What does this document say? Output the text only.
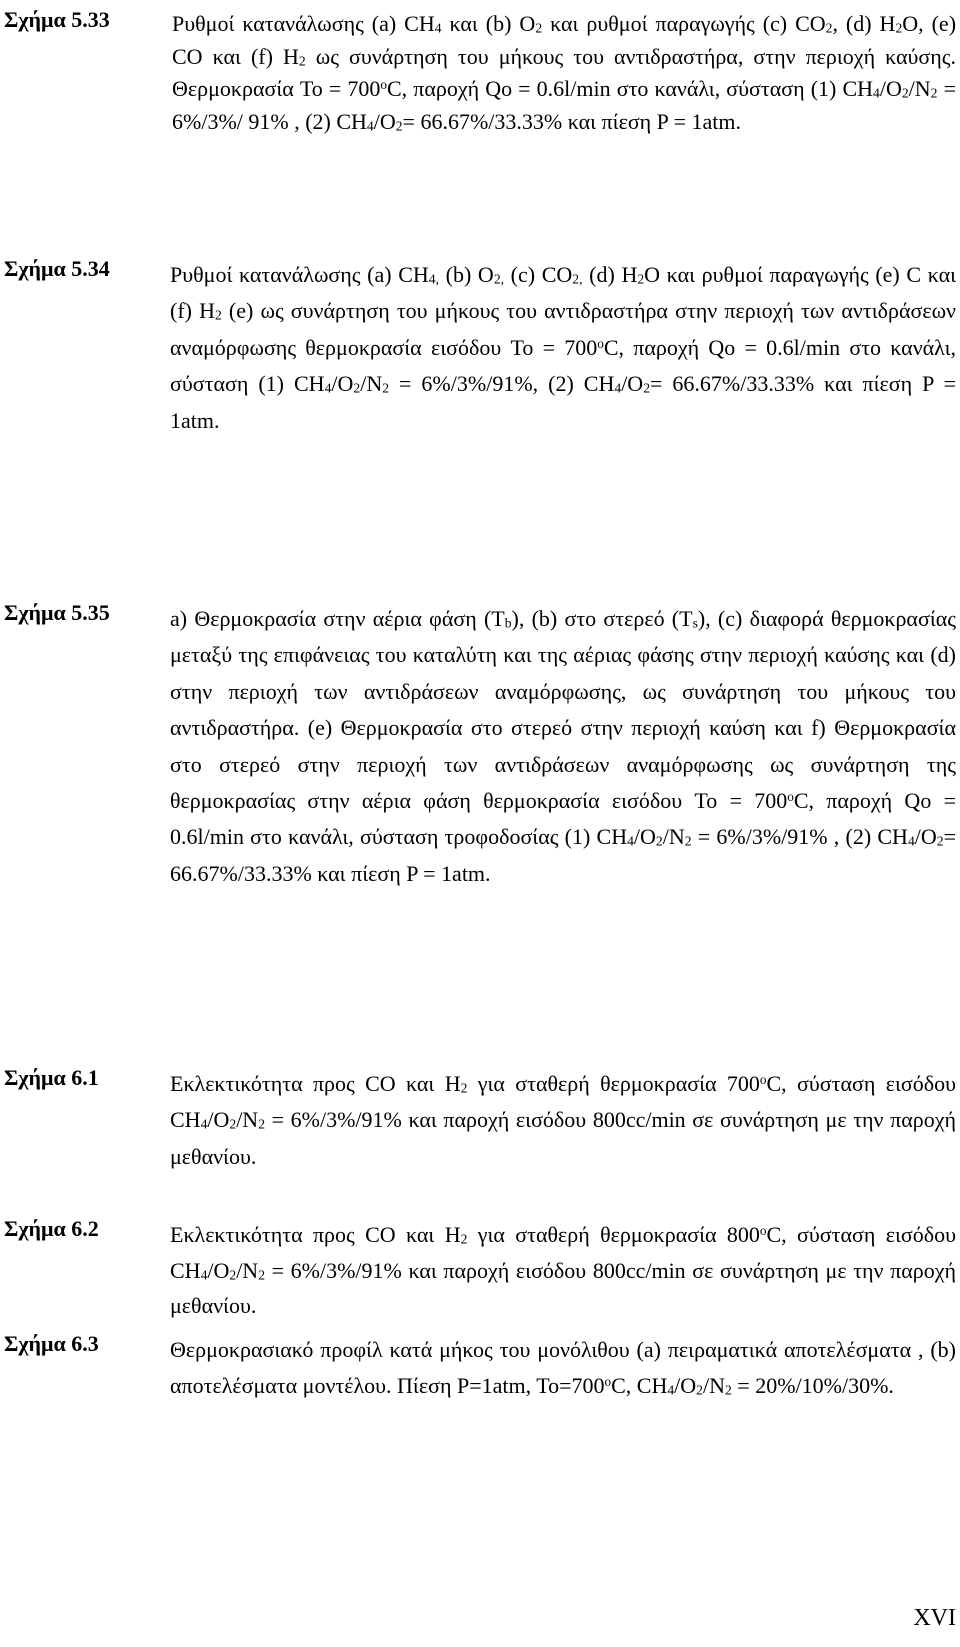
Σχήμα 5.33	Ρυθμοί κατανάλωσης (a) $CH_4$ και (b) $O_2$ και ρυθμοί παραγωγής (c) $CO_2$, (d) $H_2O$, (e) CO και (f) $H_2$ ως συνάρτηση του μήκους του αντιδραστήρα, στην περιοχή καύσης. Θερμοκρασία $To = 700^oC$, παροχή Qo = 0.6l/min στο κανάλι, σύσταση (1) $CH_4/O_2/N_2 = 6\%/3\%/$ 91% , (2) $CH_4/O_2= 66.67\%/33.33\%$ και πίεση P = 1atm.
Σχήμα 5.34	Ρυθμοί κατανάλωσης (a) $CH_{4,}$ (b) $O_{2,}$ (c) $CO_{2,}$ (d) $H_2O$ και ρυθμοί παραγωγής (e) C και (f) $H_2$ (e) ως συνάρτηση του μήκους του αντιδραστήρα στην περιοχή των αντιδράσεων αναμόρφωσης θερμοκρασία εισόδου $To = 700^oC$, παροχή Qo = 0.6l/min στο κανάλι, σύσταση (1) $CH_4/O_2/N_2 = 6\%/3\%/91\%$, (2) $CH_4/O_2= 66.67\%/33.33\%$ και πίεση P = 1atm.
Σχήμα 5.35	a) Θερμοκρασία στην αέρια φάση $(T_b)$, (b) στο στερεό $(T_s)$, (c) διαφορά θερμοκρασίας μεταξύ της επιφάνειας του καταλύτη και της αέριας φάσης στην περιοχή καύσης και (d) στην περιοχή των αντιδράσεων αναμόρφωσης, ως συνάρτηση του μήκους του αντιδραστήρα. (e) Θερμοκρασία στο στερεό στην περιοχή καύση και f) Θερμοκρασία στο στερεό στην περιοχή των αντιδράσεων αναμόρφωσης ως συνάρτηση της θερμοκρασίας στην αέρια φάση θερμοκρασία εισόδου $To = 700^oC$, παροχή Qo = 0.6l/min στο κανάλι, σύσταση τροφοδοσίας (1) $CH_4/O_2/N_2 = 6\%/3\%/91\%$ , (2) $CH_4/O_2= 66.67\%/33.33\%$ και πίεση P = 1atm.
Σχήμα 6.1	Εκλεκτικότητα προς CO και $H_2$ για σταθερή θερμοκρασία 700$^o$C, σύσταση εισόδου $CH_4/O_2/N_2 = 6\%/3\%/91\%$ και παροχή εισόδου 800cc/min σε συνάρτηση με την παροχή μεθανίου.
Σχήμα 6.2	Εκλεκτικότητα προς CO και $H_2$ για σταθερή θερμοκρασία 800$^o$C, σύσταση εισόδου $CH_4/O_2/N_2 = 6\%/3\%/91\%$ και παροχή εισόδου 800cc/min σε συνάρτηση με την παροχή μεθανίου.
Σχήμα 6.3	Θερμοκρασιακό προφίλ κατά μήκος του μονόλιθου (a) πειραματικά αποτελέσματα , (b) αποτελέσματα μοντέλου. Πίεση P=1atm, $To=700^oC$, $CH_4/O_2/N_2 = 20\%/10\%/30\%$.
XVI
